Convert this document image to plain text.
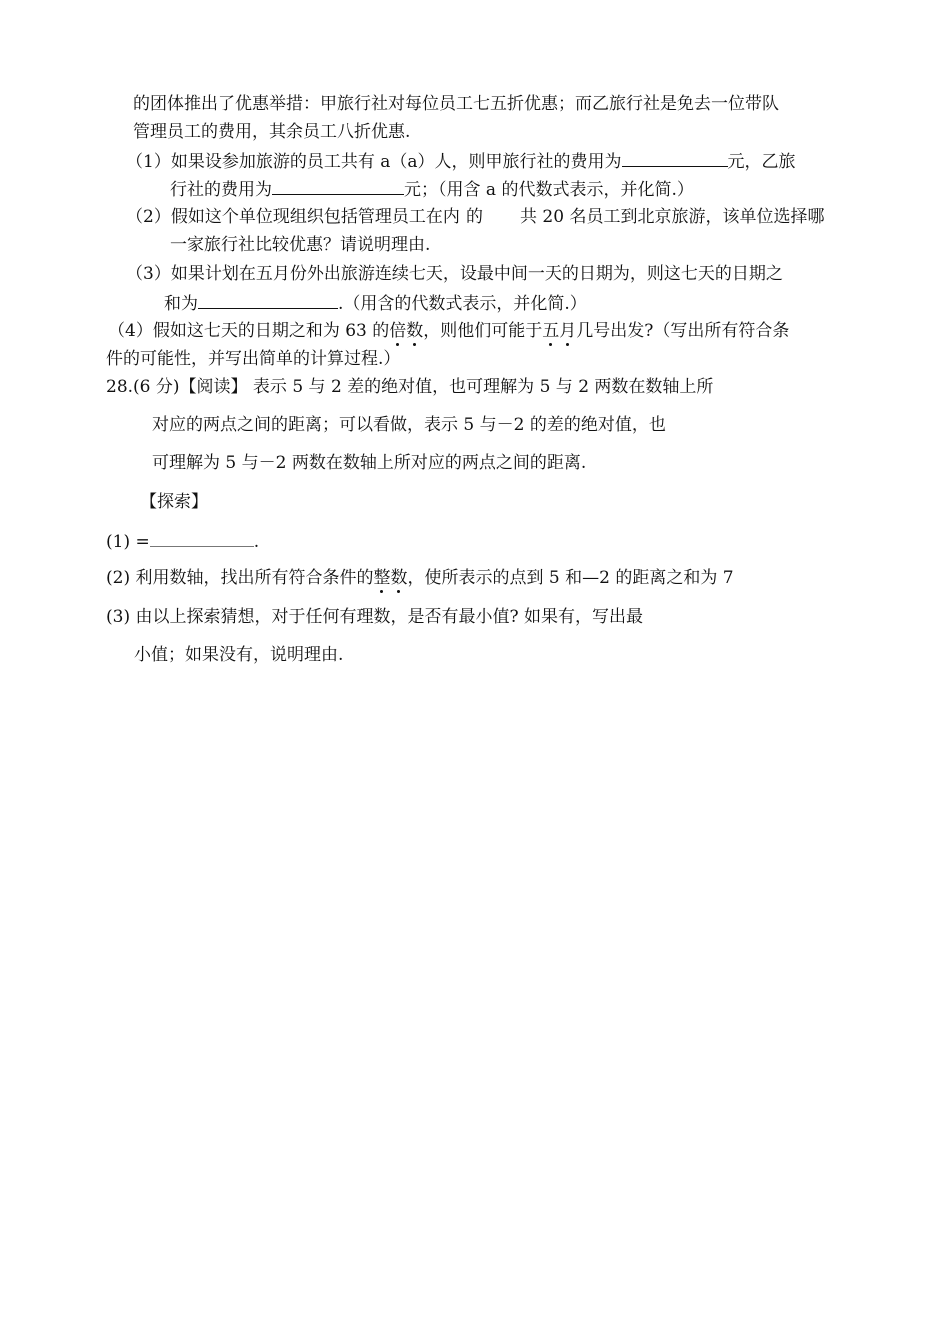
的团体推出了优惠举措：甲旅行社对每位员工七五折优惠；而乙旅行社是免去一位带队
管理员工的费用，其余员工八折优惠.
（1）如果设参加旅游的员工共有 a（a）人，则甲旅行社的费用为	元，乙旅
行社的费用为	元；（用含 a 的代数式表示，并化简.）
（2）假如这个单位现组织包括管理员工在内 的 共 20 名员工到北京旅游，该单位选择哪
一家旅行社比较优惠？请说明理由.
（3）如果计划在五月份外出旅游连续七天，设最中间一天的日期为，则这七天的日期之
和为	.（用含的代数式表示，并化简.）
（4）假如这七天的日期之和为 63 的倍数，则他们可能于五月几号出发?（写出所有符合条
件的可能性，并写出简单的计算过程.）
28.(6 分)【阅读】 表示 5 与 2 差的绝对值，也可理解为 5 与 2 两数在数轴上所
对应的两点之间的距离；可以看做，表示 5 与－2 的差的绝对值，也
可理解为 5 与－2 两数在数轴上所对应的两点之间的距离.
【探索】
(1) =	.
(2) 利用数轴，找出所有符合条件的整数，使所表示的点到 5 和—2 的距离之和为 7
(3) 由以上探索猜想，对于任何有理数，是否有最小值? 如果有，写出最
小值；如果没有，说明理由.
